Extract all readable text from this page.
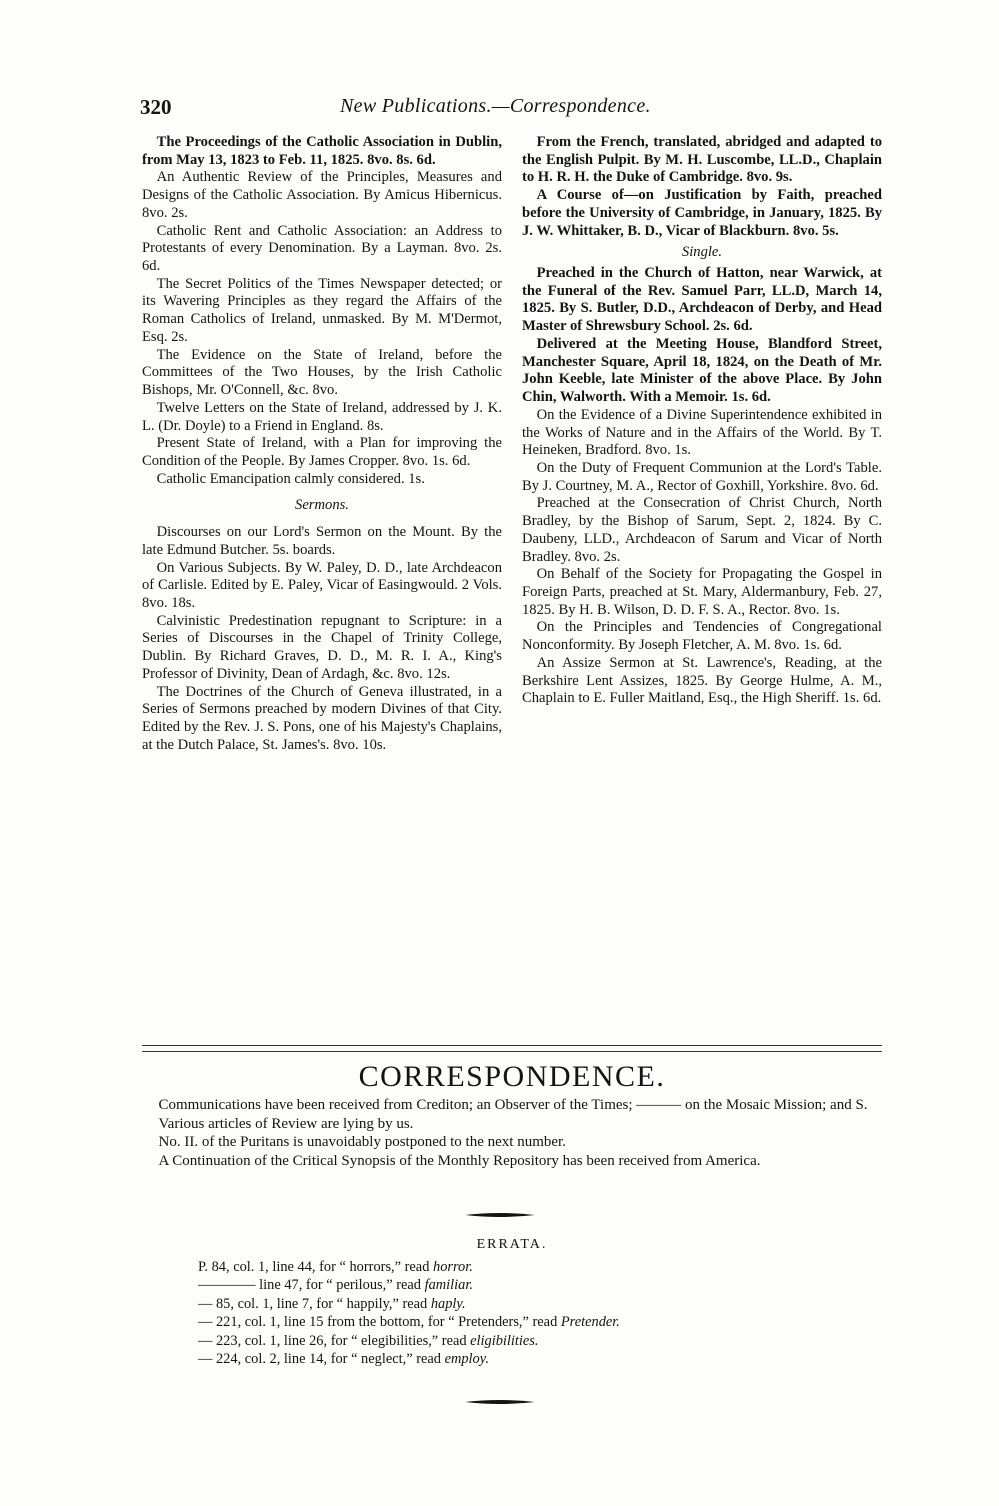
320	New Publications.—Correspondence.

The Proceedings of the Catholic Association in Dublin, from May 13, 1823 to Feb. 11, 1825. 8vo. 8s. 6d.

An Authentic Review of the Principles, Measures and Designs of the Catholic Association. By Amicus Hibernicus. 8vo. 2s.

Catholic Rent and Catholic Association: an Address to Protestants of every Denomination. By a Layman. 8vo. 2s. 6d.

The Secret Politics of the Times Newspaper detected; or its Wavering Principles as they regard the Affairs of the Roman Catholics of Ireland, unmasked. By M. M'Dermot, Esq. 2s.

The Evidence on the State of Ireland, before the Committees of the Two Houses, by the Irish Catholic Bishops, Mr. O'Connell, &c. 8vo.

Twelve Letters on the State of Ireland, addressed by J. K. L. (Dr. Doyle) to a Friend in England. 8s.

Present State of Ireland, with a Plan for improving the Condition of the People. By James Cropper. 8vo. 1s. 6d.

Catholic Emancipation calmly considered. 1s.

Sermons.

Discourses on our Lord's Sermon on the Mount. By the late Edmund Butcher. 5s. boards.

On Various Subjects. By W. Paley, D. D., late Archdeacon of Carlisle. Edited by E. Paley, Vicar of Easingwould. 2 Vols. 8vo. 18s.

Calvinistic Predestination repugnant to Scripture: in a Series of Discourses in the Chapel of Trinity College, Dublin. By Richard Graves, D. D., M. R. I. A., King's Professor of Divinity, Dean of Ardagh, &c. 8vo. 12s.

The Doctrines of the Church of Geneva illustrated, in a Series of Sermons preached by modern Divines of that City. Edited by the Rev. J. S. Pons, one of his Majesty's Chaplains, at the Dutch Palace, St. James's. 8vo. 10s.

From the French, translated, abridged and adapted to the English Pulpit. By M. H. Luscombe, LL.D., Chaplain to H. R. H. the Duke of Cambridge. 8vo. 9s.

A Course of—on Justification by Faith, preached before the University of Cambridge, in January, 1825. By J. W. Whittaker, B. D., Vicar of Blackburn. 8vo. 5s.

Single.

Preached in the Church of Hatton, near Warwick, at the Funeral of the Rev. Samuel Parr, LL.D, March 14, 1825. By S. Butler, D.D., Archdeacon of Derby, and Head Master of Shrewsbury School. 2s. 6d.

Delivered at the Meeting House, Blandford Street, Manchester Square, April 18, 1824, on the Death of Mr. John Keeble, late Minister of the above Place. By John Chin, Walworth. With a Memoir. 1s. 6d.

On the Evidence of a Divine Superintendence exhibited in the Works of Nature and in the Affairs of the World. By T. Heineken, Bradford. 8vo. 1s.

On the Duty of Frequent Communion at the Lord's Table. By J. Courtney, M. A., Rector of Goxhill, Yorkshire. 8vo. 6d.

Preached at the Consecration of Christ Church, North Bradley, by the Bishop of Sarum, Sept. 2, 1824. By C. Daubeny, LLD., Archdeacon of Sarum and Vicar of North Bradley. 8vo. 2s.

On Behalf of the Society for Propagating the Gospel in Foreign Parts, preached at St. Mary, Aldermanbury, Feb. 27, 1825. By H. B. Wilson, D. D. F. S. A., Rector. 8vo. 1s.

On the Principles and Tendencies of Congregational Nonconformity. By Joseph Fletcher, A. M. 8vo. 1s. 6d.

An Assize Sermon at St. Lawrence's, Reading, at the Berkshire Lent Assizes, 1825. By George Hulme, A. M., Chaplain to E. Fuller Maitland, Esq., the High Sheriff. 1s. 6d.

CORRESPONDENCE.

Communications have been received from Crediton; an Observer of the Times; ——— on the Mosaic Mission; and S.

Various articles of Review are lying by us.

No. II. of the Puritans is unavoidably postponed to the next number.

A Continuation of the Critical Synopsis of the Monthly Repository has been received from America.

ERRATA.
P. 84, col. 1, line 44, for “ horrors,” read horror.
———— line 47, for “ perilous,” read familiar.
— 85, col. 1, line 7, for “ happily,” read haply.
— 221, col. 1, line 15 from the bottom, for “ Pretenders,” read Pretender.
— 223, col. 1, line 26, for “ elegibilities,” read eligibilities.
— 224, col. 2, line 14, for “ neglect,” read employ.
